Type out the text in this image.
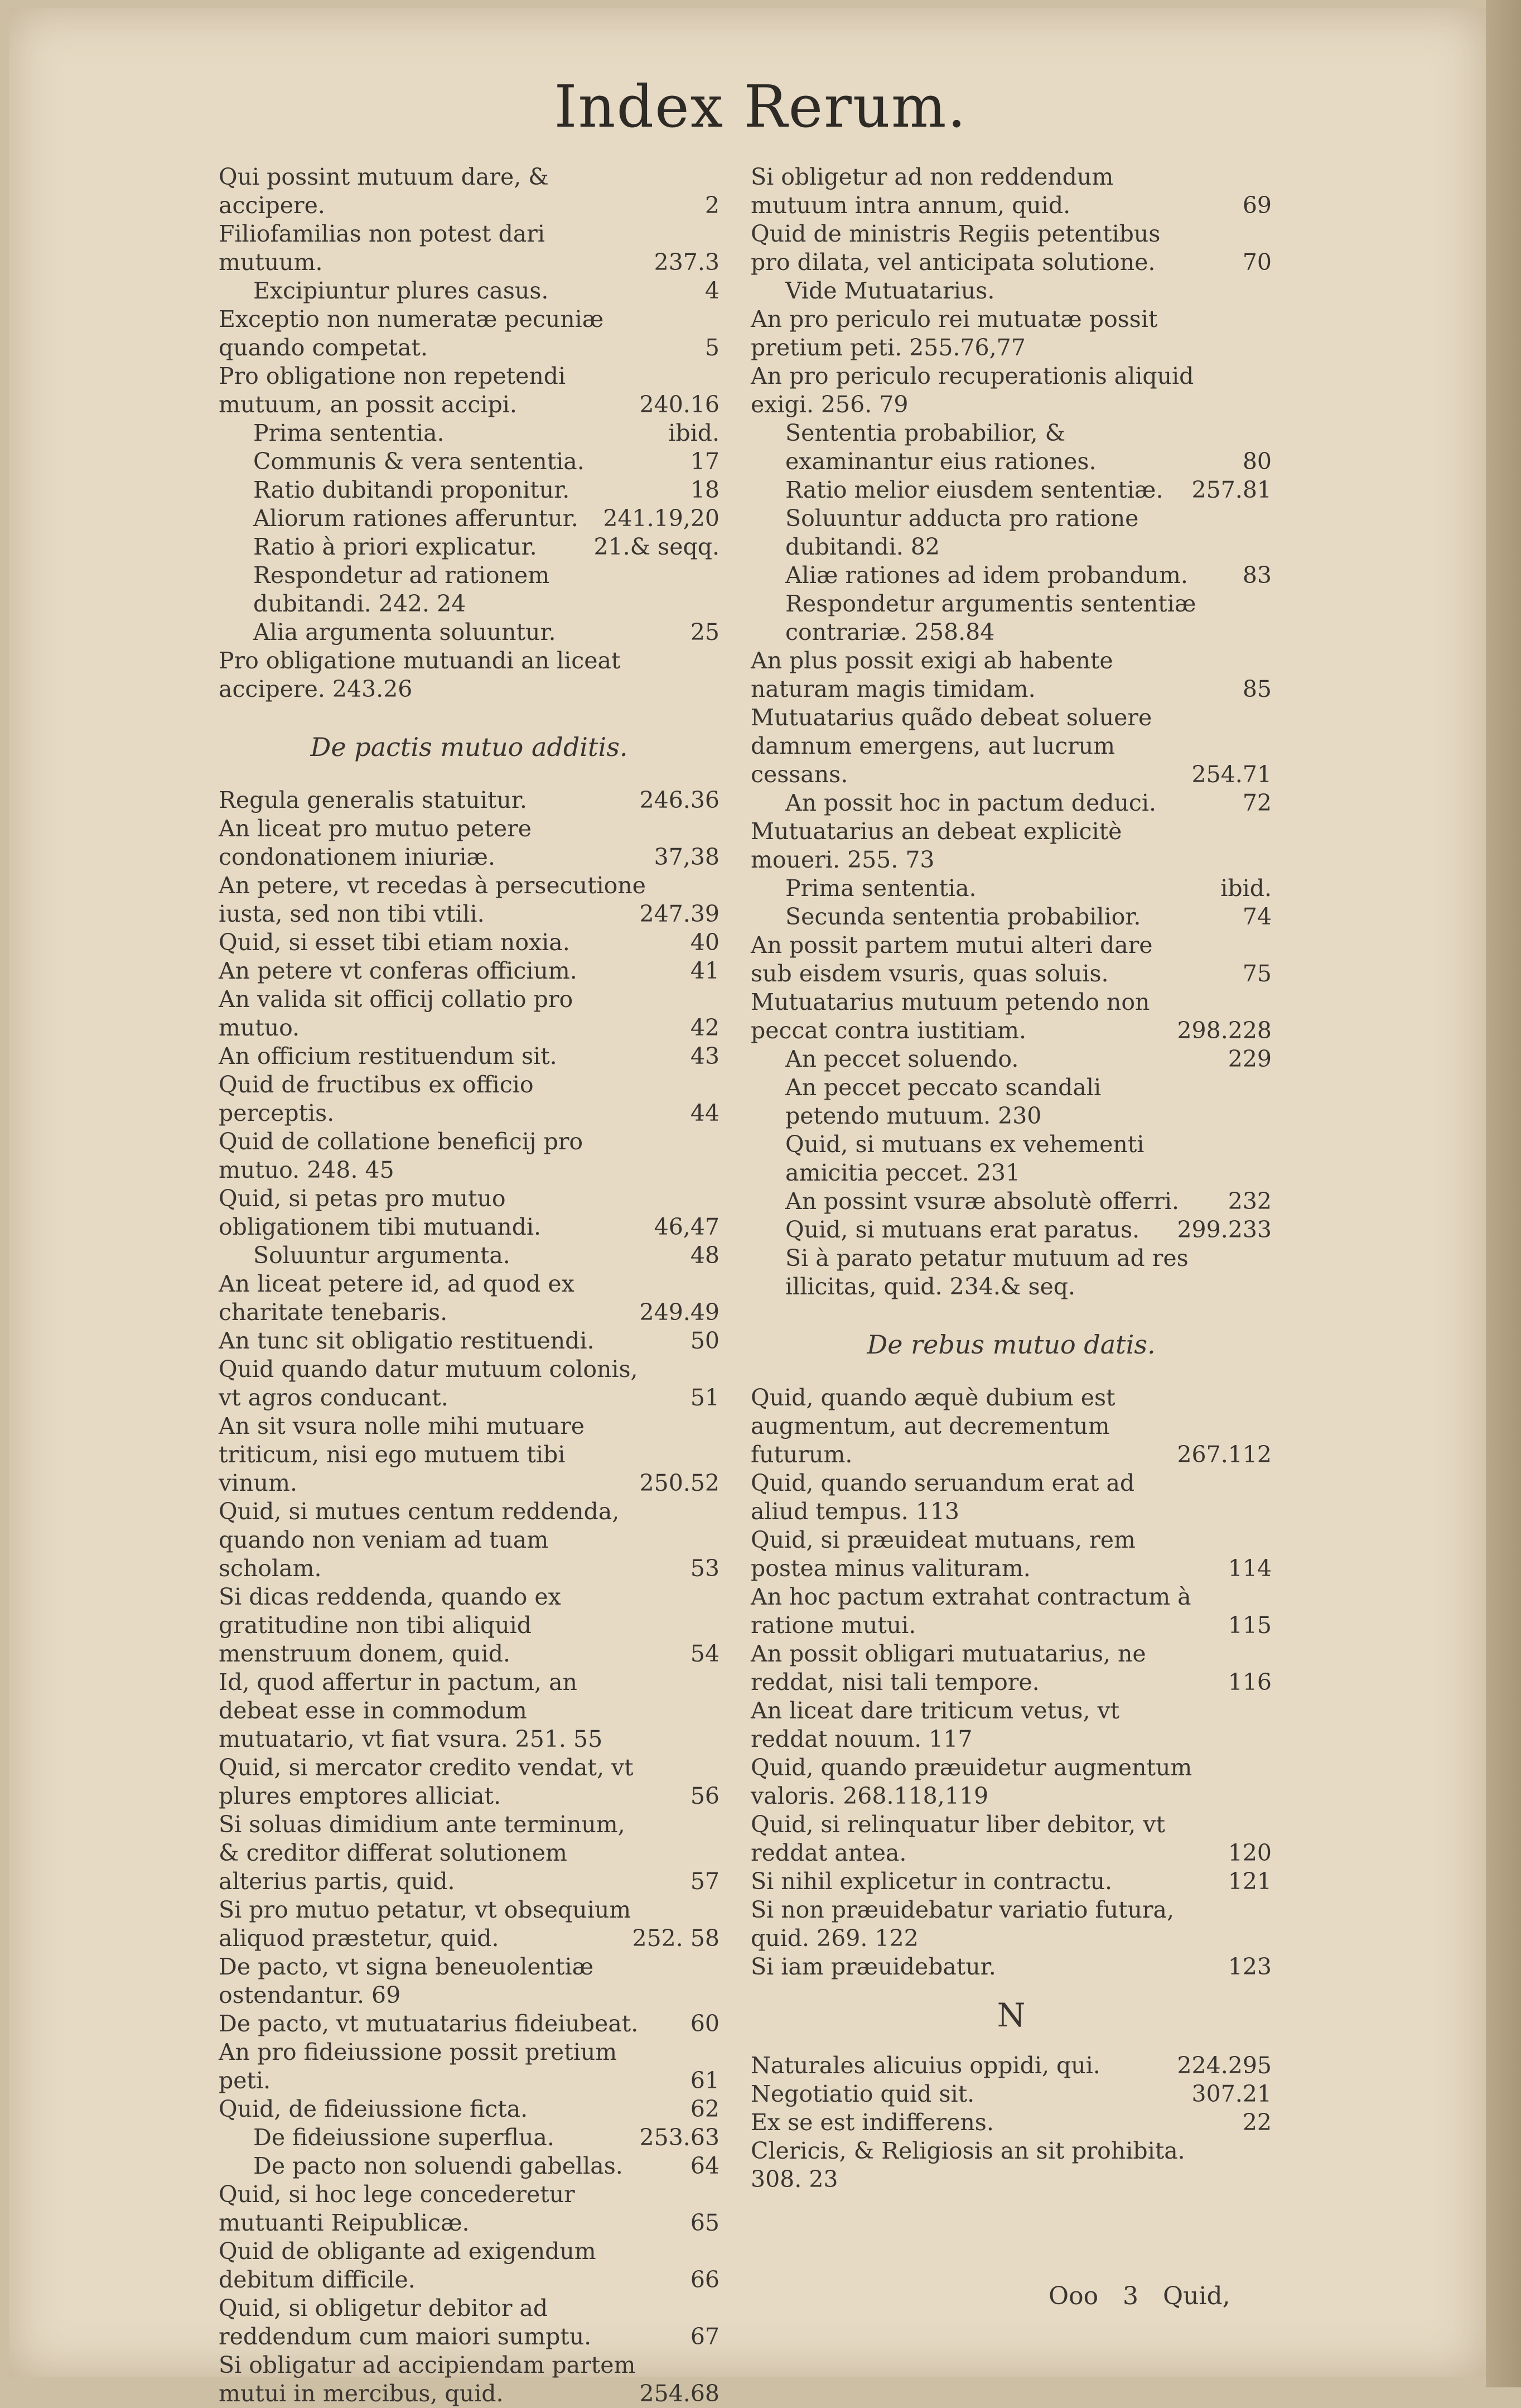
Index Rerum.
Qui possint mutuum dare, & accipere.	2
Filiofamilias non potest dari mutuum.	237.3
Excipiuntur plures casus.	4
Exceptio non numeratæ pecuniæ quando competat.	5
Pro obligatione non repetendi mutuum, an possit accipi.	240.16
Prima sententia.	ibid.
Communis & vera sententia.	17
Ratio dubitandi proponitur.	18
Aliorum rationes afferuntur.	241.19,20
Ratio à priori explicatur.	21.& seqq.
Respondetur ad rationem dubitandi. 242. 24
Alia argumenta soluuntur.	25
Pro obligatione mutuandi an liceat accipere. 243.26
De pactis mutuo additis.
Regula generalis statuitur.	246.36
An liceat pro mutuo petere condonationem iniuriæ.	37,38
An petere, vt recedas à persecutione iusta, sed non tibi vtili.	247.39
Quid, si esset tibi etiam noxia.	40
An petere vt conferas officium.	41
An valida sit officij collatio pro mutuo.	42
An officium restituendum sit.	43
Quid de fructibus ex officio perceptis.	44
Quid de collatione beneficij pro mutuo. 248. 45
Quid, si petas pro mutuo obligationem tibi mutuandi.	46,47
Soluuntur argumenta.	48
An liceat petere id, ad quod ex charitate tenebaris.	249.49
An tunc sit obligatio restituendi.	50
Quid quando datur mutuum colonis, vt agros conducant.	51
An sit vsura nolle mihi mutuare triticum, nisi ego mutuem tibi vinum.	250.52
Quid, si mutues centum reddenda, quando non veniam ad tuam scholam.	53
Si dicas reddenda, quando ex gratitudine non tibi aliquid menstruum donem, quid.	54
Id, quod affertur in pactum, an debeat esse in commodum mutuatario, vt fiat vsura. 251. 55
Quid, si mercator credito vendat, vt plures emptores alliciat.	56
Si soluas dimidium ante terminum, & creditor differat solutionem alterius partis, quid.	57
Si pro mutuo petatur, vt obsequium aliquod præstetur, quid.	252. 58
De pacto, vt signa beneuolentiæ ostendantur. 69
De pacto, vt mutuatarius fideiubeat.	60
An pro fideiussione possit pretium peti.	61
Quid, de fideiussione ficta.	62
De fideiussione superflua.	253.63
De pacto non soluendi gabellas.	64
Quid, si hoc lege concederetur mutuanti Reipublicæ.	65
Quid de obligante ad exigendum debitum difficile.	66
Quid, si obligetur debitor ad reddendum cum maiori sumptu.	67
Si obligatur ad accipiendam partem mutui in mercibus, quid.	254.68
Si obligetur ad non reddendum mutuum intra annum, quid.	69
Quid de ministris Regiis petentibus pro dilata, vel anticipata solutione.	70
Vide Mutuatarius.
An pro periculo rei mutuatæ possit pretium peti. 255.76,77
An pro periculo recuperationis aliquid exigi. 256. 79
Sententia probabilior, & examinantur eius rationes.	80
Ratio melior eiusdem sententiæ.	257.81
Soluuntur adducta pro ratione dubitandi. 82
Aliæ rationes ad idem probandum.	83
Respondetur argumentis sententiæ contrariæ. 258.84
An plus possit exigi ab habente naturam magis timidam.	85
Mutuatarius quãdo debeat soluere damnum emergens, aut lucrum cessans.	254.71
An possit hoc in pactum deduci.	72
Mutuatarius an debeat explicitè moueri. 255. 73
Prima sententia.	ibid.
Secunda sententia probabilior.	74
An possit partem mutui alteri dare sub eisdem vsuris, quas soluis.	75
Mutuatarius mutuum petendo non peccat contra iustitiam.	298.228
An peccet soluendo.	229
An peccet peccato scandali petendo mutuum. 230
Quid, si mutuans ex vehementi amicitia peccet. 231
An possint vsuræ absolutè offerri.	232
Quid, si mutuans erat paratus.	299.233
Si à parato petatur mutuum ad res illicitas, quid. 234.& seq.
De rebus mutuo datis.
Quid, quando æquè dubium est augmentum, aut decrementum futurum.	267.112
Quid, quando seruandum erat ad aliud tempus. 113
Quid, si præuideat mutuans, rem postea minus valituram.	114
An hoc pactum extrahat contractum à ratione mutui.	115
An possit obligari mutuatarius, ne reddat, nisi tali tempore.	116
An liceat dare triticum vetus, vt reddat nouum. 117
Quid, quando præuidetur augmentum valoris. 268.118,119
Quid, si relinquatur liber debitor, vt reddat antea.	120
Si nihil explicetur in contractu.	121
Si non præuidebatur variatio futura, quid. 269. 122
Si iam præuidebatur.	123
N
Naturales alicuius oppidi, qui.	224.295
Negotiatio quid sit.	307.21
Ex se est indifferens.	22
Clericis, & Religiosis an sit prohibita. 308. 23
Ooo 3 Quid,
